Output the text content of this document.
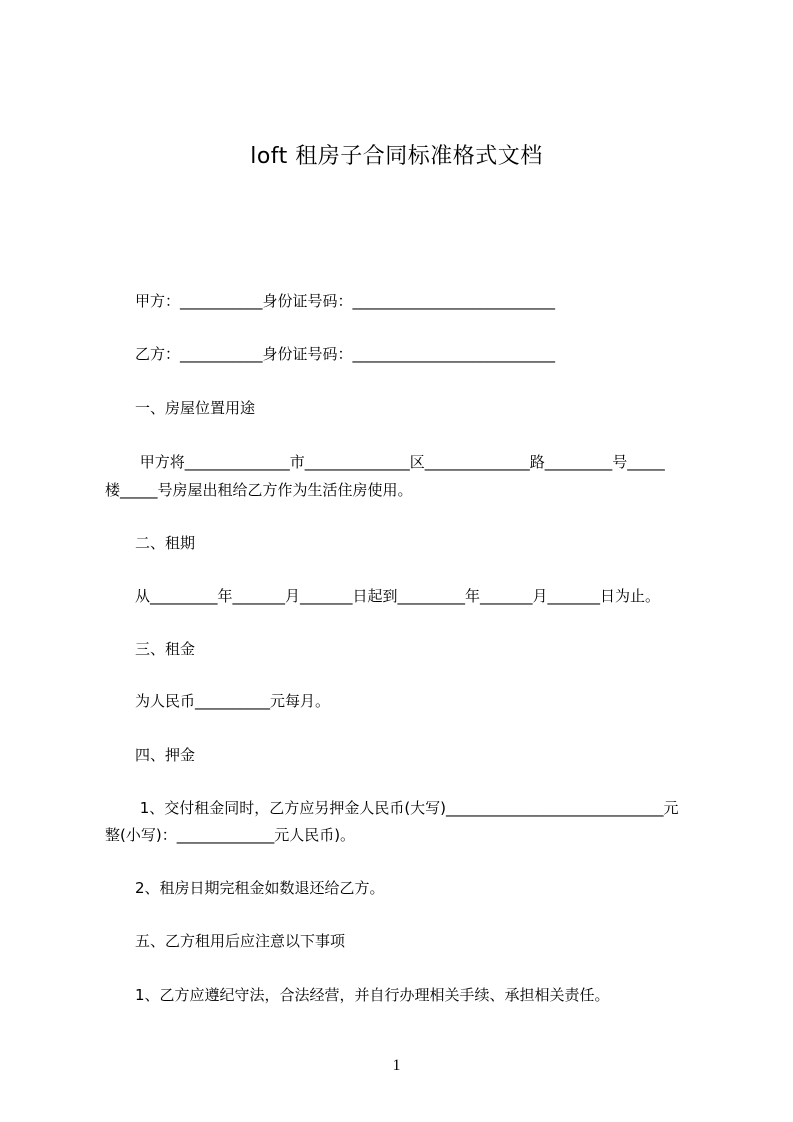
loft 租房子合同标准格式文档
甲方：___________身份证号码：___________________________
乙方：___________身份证号码：___________________________
一、房屋位置用途
甲方将______________市______________区______________路_________号_____
楼_____号房屋出租给乙方作为生活住房使用。
二、租期
从_________年_______月_______日起到_________年_______月_______日为止。
三、租金
为人民币__________元每月。
四、押金
1、交付租金同时，乙方应另押金人民币(大写)_____________________________元
整(小写)：_____________元人民币)。
2、租房日期完租金如数退还给乙方。
五、乙方租用后应注意以下事项
1、乙方应遵纪守法，合法经营，并自行办理相关手续、承担相关责任。
1
